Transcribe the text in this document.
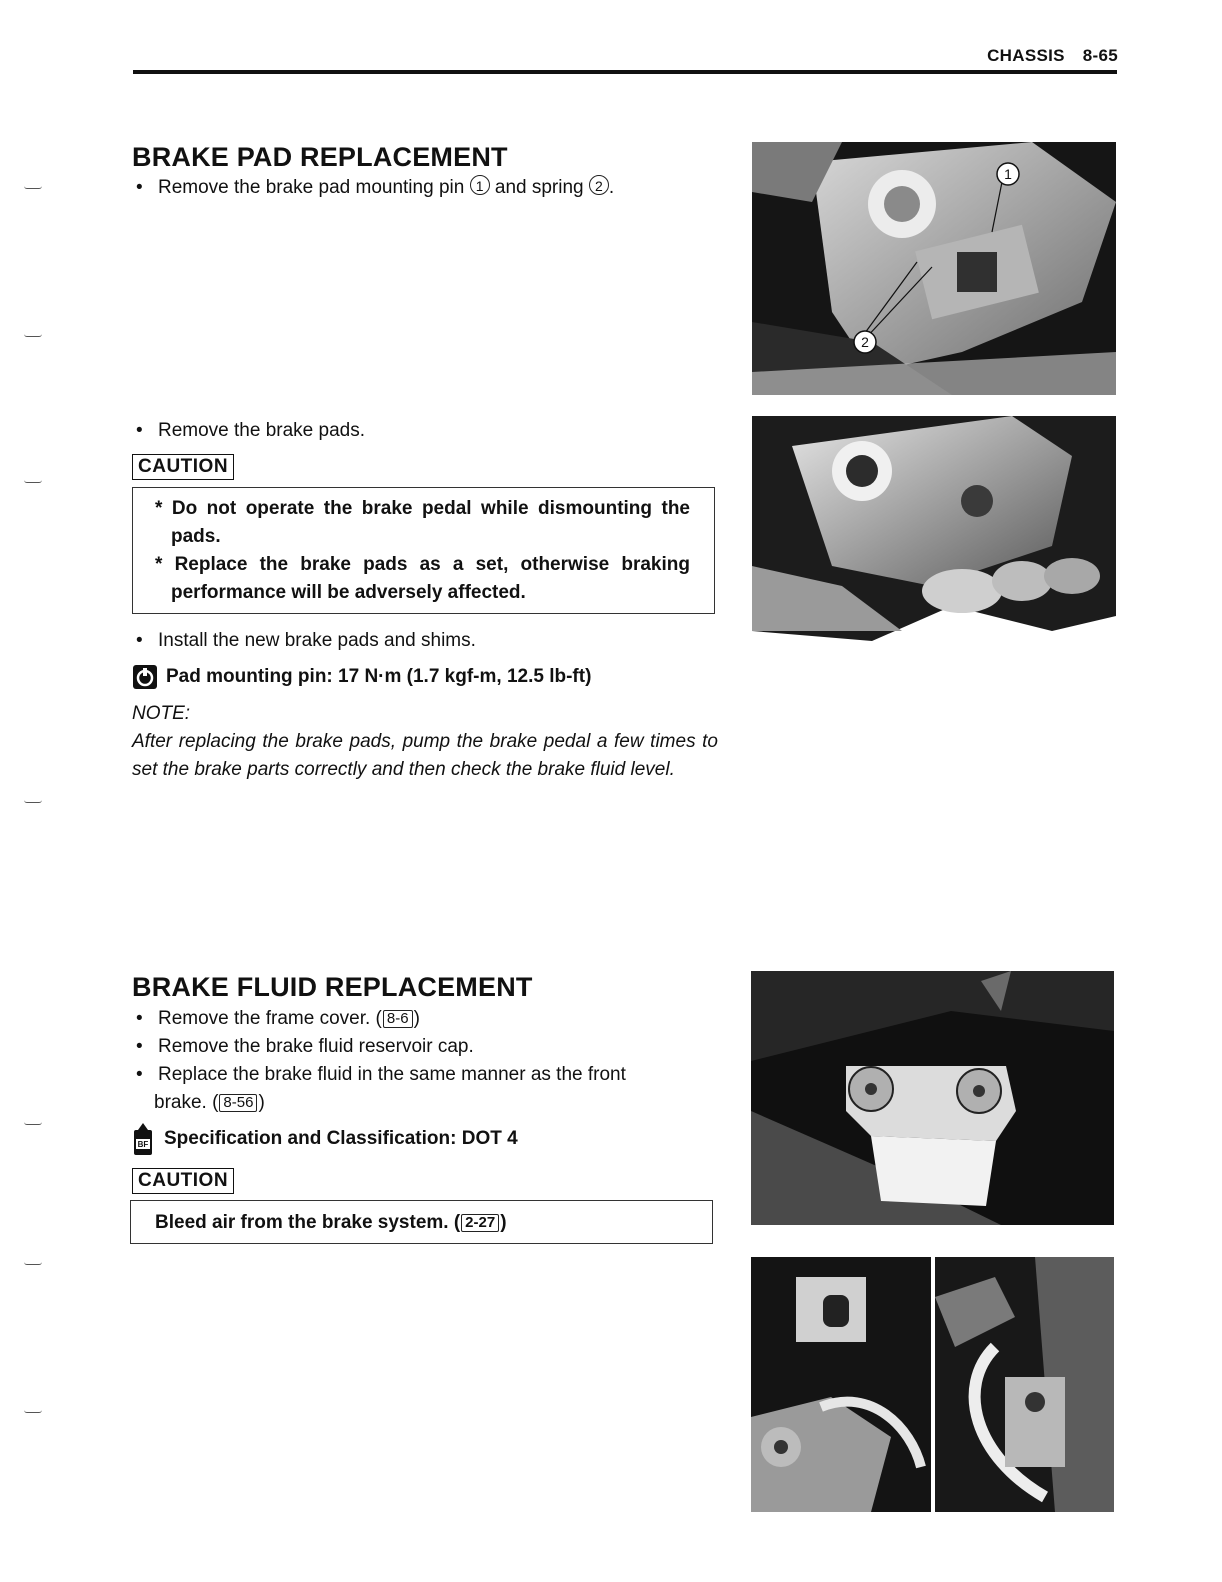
CHASSIS 8-65
BRAKE PAD REPLACEMENT
• Remove the brake pad mounting pin 1 and spring 2 .
• Remove the brake pads.
CAUTION
* Do not operate the brake pedal while dismounting the pads.
* Replace the brake pads as a set, otherwise braking performance will be adversely affected.
• Install the new brake pads and shims.
Pad mounting pin: 17 N·m (1.7 kgf-m, 12.5 lb-ft)
NOTE:
After replacing the brake pads, pump the brake pedal a few times to set the brake parts correctly and then check the brake fluid level.
1
2
BRAKE FLUID REPLACEMENT
• Remove the frame cover. ( 8-6 )
• Remove the brake fluid reservoir cap.
• Replace the brake fluid in the same manner as the front
brake. ( 8-56 )
BF Specification and Classification: DOT 4
CAUTION
Bleed air from the brake system. ( 2-27 )
